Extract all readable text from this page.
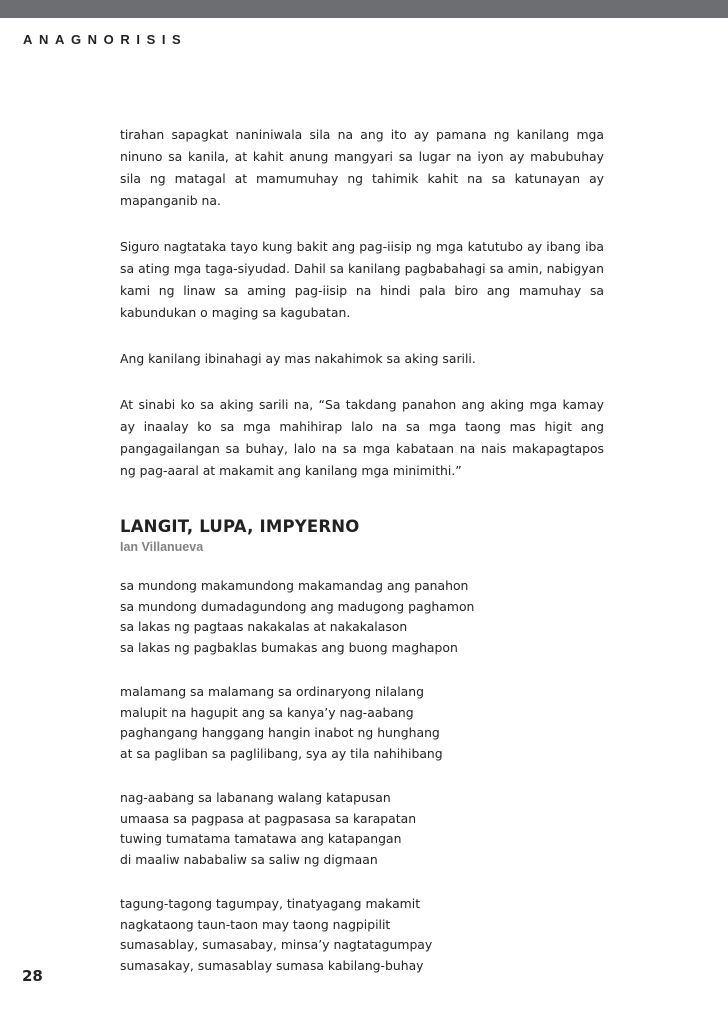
ANAGNORISIS

tirahan sapagkat naniniwala sila na ang ito ay pamana ng kanilang mga ninuno sa kanila, at kahit anung mangyari sa lugar na iyon ay mabubuhay sila ng matagal at mamumuhay ng tahimik kahit na sa katunayan ay mapanganib na.

Siguro nagtataka tayo kung bakit ang pag-iisip ng mga katutubo ay ibang iba sa ating mga taga-siyudad. Dahil sa kanilang pagbabahagi sa amin, nabigyan kami ng linaw sa aming pag-iisip na hindi pala biro ang mamuhay sa kabundukan o maging sa kagubatan.

Ang kanilang ibinahagi ay mas nakahimok sa aking sarili.

At sinabi ko sa aking sarili na, “Sa takdang panahon ang aking mga kamay ay inaalay ko sa mga mahihirap lalo na sa mga taong mas higit ang pangagailangan sa buhay, lalo na sa mga kabataan na nais makapagtapos ng pag-aaral at makamit ang kanilang mga minimithi.”

LANGIT, LUPA, IMPYERNO
Ian Villanueva
sa mundong makamundong makamandag ang panahon
sa mundong dumadagundong ang madugong paghamon
sa lakas ng pagtaas nakakalas at nakakalason
sa lakas ng pagbaklas bumakas ang buong maghapon
malamang sa malamang sa ordinaryong nilalang
malupit na hagupit ang sa kanya’y nag-aabang
paghangang hanggang hangin inabot ng hunghang
at sa pagliban sa paglilibang, sya ay tila nahihibang
nag-aabang sa labanang walang katapusan
umaasa sa pagpasa at pagpasasa sa karapatan
tuwing tumatama tamatawa ang katapangan
di maaliw nababaliw sa saliw ng digmaan
tagung-tagong tagumpay, tinatyagang makamit
nagkataong taun-taon may taong nagpipilit
sumasablay, sumasabay, minsa’y nagtatagumpay
sumasakay, sumasablay sumasa kabilang-buhay
28
